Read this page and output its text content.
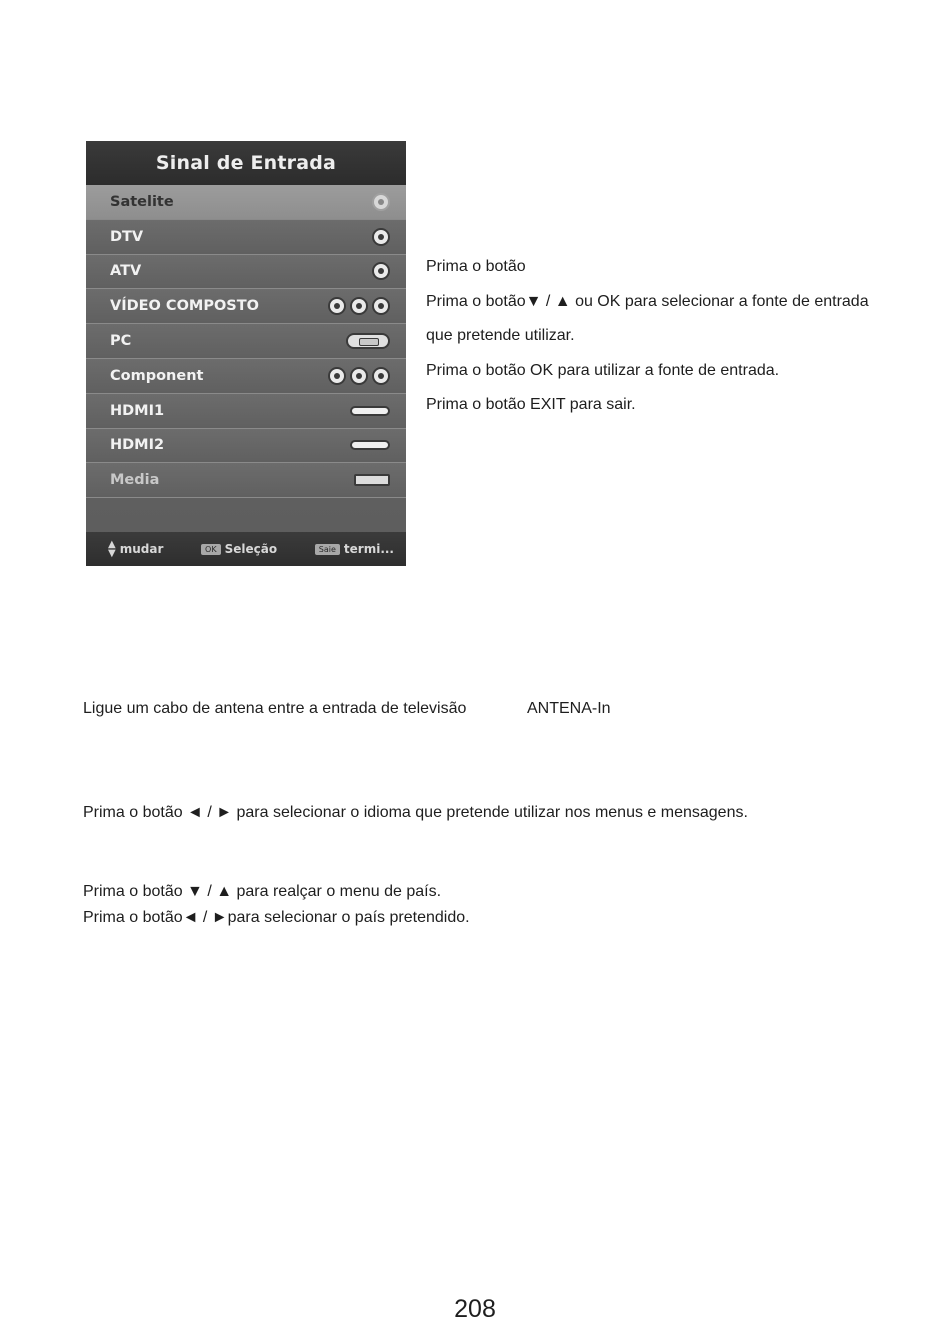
Sinal de Entrada
Satelite
DTV
ATV
VÍDEO COMPOSTO
PC
Component
HDMI1
HDMI2
Media
▲
▼ mudar	OK Seleção	Saie termi...
Prima o botão
Prima o botão▼ / ▲ ou OK para selecionar a fonte de entrada
que pretende utilizar.
Prima o botão OK para utilizar a fonte de entrada.
Prima o botão EXIT para sair.
Ligue um cabo de antena entre a entrada de televisão	ANTENA-In
Prima o botão ◄ / ► para selecionar o idioma que pretende utilizar nos menus e mensagens.
Prima o botão ▼ / ▲ para realçar o menu de país.
Prima o botão◄ / ►para selecionar o país pretendido.
208
